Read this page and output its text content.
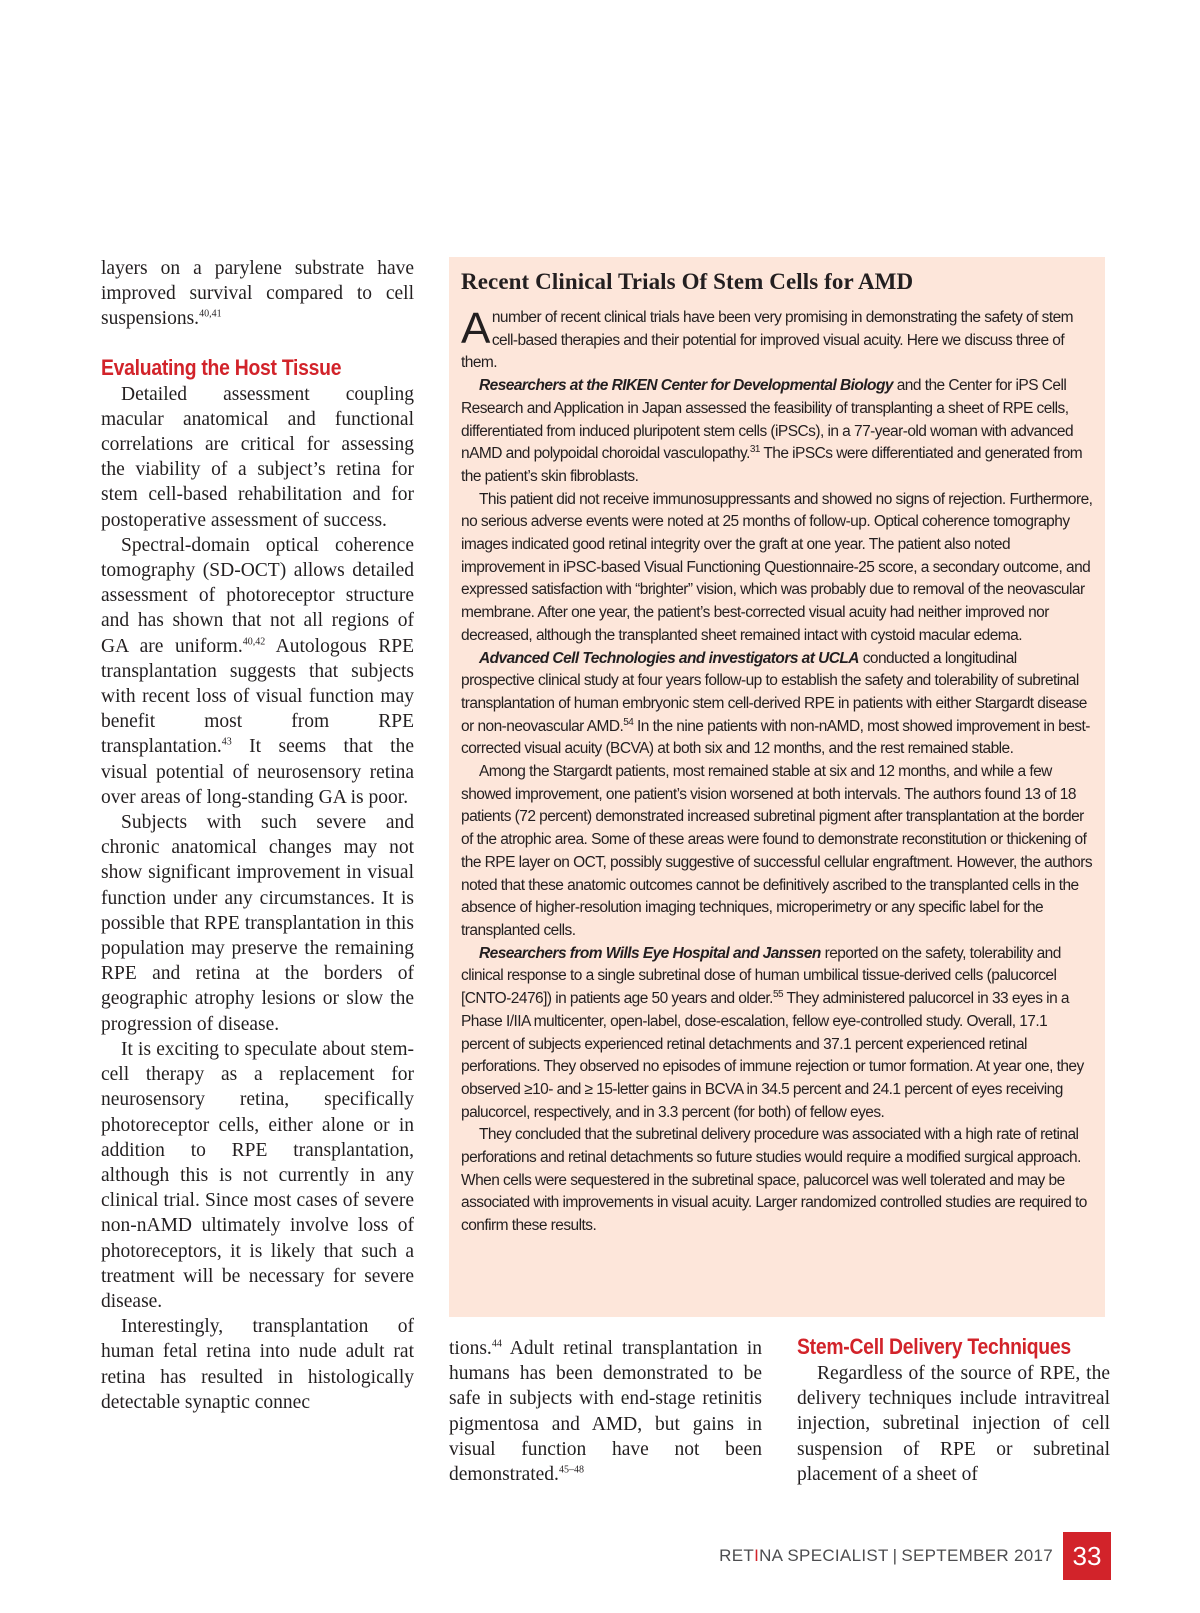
layers on a parylene substrate have improved survival compared to cell suspensions.$^{40,41}$

Evaluating the Host Tissue

Detailed assessment coupling macular anatomical and functional correlations are critical for assessing the viability of a subject’s retina for stem cell-based rehabilitation and for postoperative assessment of success.

Spectral-domain optical coherence tomography (SD-OCT) allows detailed assessment of photoreceptor structure and has shown that not all regions of GA are uniform.$^{40,42}$ Autologous RPE transplantation suggests that subjects with recent loss of visual function may benefit most from RPE transplantation.$^{43}$ It seems that the visual potential of neurosensory retina over areas of long-standing GA is poor.

Subjects with such severe and chronic anatomical changes may not show significant improvement in visual function under any circumstances. It is possible that RPE transplantation in this population may preserve the remaining RPE and retina at the borders of geographic atrophy lesions or slow the progression of disease.

It is exciting to speculate about stem-cell therapy as a replacement for neurosensory retina, specifically photoreceptor cells, either alone or in addition to RPE transplantation, although this is not currently in any clinical trial. Since most cases of severe non-nAMD ultimately involve loss of photoreceptors, it is likely that such a treatment will be necessary for severe disease.

Interestingly, transplantation of human fetal retina into nude adult rat retina has resulted in histologically detectable synaptic connec

Recent Clinical Trials Of Stem Cells for AMD

A number of recent clinical trials have been very promising in demonstrating the safety of stem cell-based therapies and their potential for improved visual acuity. Here we discuss three of them.

Researchers at the RIKEN Center for Developmental Biology and the Center for iPS Cell Research and Application in Japan assessed the feasibility of transplanting a sheet of RPE cells, differentiated from induced pluripotent stem cells (iPSCs), in a 77-year-old woman with advanced nAMD and polypoidal choroidal vasculopathy.$^{31}$ The iPSCs were differentiated and generated from the patient’s skin fibroblasts.

This patient did not receive immunosuppressants and showed no signs of rejection. Furthermore, no serious adverse events were noted at 25 months of follow-up. Optical coherence tomography images indicated good retinal integrity over the graft at one year. The patient also noted improvement in iPSC-based Visual Functioning Questionnaire-25 score, a secondary outcome, and expressed satisfaction with “brighter” vision, which was probably due to removal of the neovascular membrane. After one year, the patient’s best-corrected visual acuity had neither improved nor decreased, although the transplanted sheet remained intact with cystoid macular edema.

Advanced Cell Technologies and investigators at UCLA conducted a longitudinal prospective clinical study at four years follow-up to establish the safety and tolerability of subretinal transplantation of human embryonic stem cell-derived RPE in patients with either Stargardt disease or non-neovascular AMD.$^{54}$ In the nine patients with non-nAMD, most showed improvement in best-corrected visual acuity (BCVA) at both six and 12 months, and the rest remained stable.

Among the Stargardt patients, most remained stable at six and 12 months, and while a few showed improvement, one patient’s vision worsened at both intervals. The authors found 13 of 18 patients (72 percent) demonstrated increased subretinal pigment after transplantation at the border of the atrophic area. Some of these areas were found to demonstrate reconstitution or thickening of the RPE layer on OCT, possibly suggestive of successful cellular engraftment. However, the authors noted that these anatomic outcomes cannot be definitively ascribed to the transplanted cells in the absence of higher-resolution imaging techniques, microperimetry or any specific label for the transplanted cells.

Researchers from Wills Eye Hospital and Janssen reported on the safety, tolerability and clinical response to a single subretinal dose of human umbilical tissue-derived cells (palucorcel [CNTO-2476]) in patients age 50 years and older.$^{55}$ They administered palucorcel in 33 eyes in a Phase I/IIA multicenter, open-label, dose-escalation, fellow eye-controlled study. Overall, 17.1 percent of subjects experienced retinal detachments and 37.1 percent experienced retinal perforations. They observed no episodes of immune rejection or tumor formation. At year one, they observed ≥10- and ≥ 15-letter gains in BCVA in 34.5 percent and 24.1 percent of eyes receiving palucorcel, respectively, and in 3.3 percent (for both) of fellow eyes.

They concluded that the subretinal delivery procedure was associated with a high rate of retinal perforations and retinal detachments so future studies would require a modified surgical approach. When cells were sequestered in the subretinal space, palucorcel was well tolerated and may be associated with improvements in visual acuity. Larger randomized controlled studies are required to confirm these results.

tions.$^{44}$ Adult retinal transplantation in humans has been demonstrated to be safe in subjects with end-stage retinitis pigmentosa and AMD, but gains in visual function have not been demonstrated.$^{45-48}$

Stem-Cell Delivery Techniques

Regardless of the source of RPE, the delivery techniques include intravitreal injection, subretinal injection of cell suspension of RPE or subretinal placement of a sheet of

RETINA SPECIALIST | SEPTEMBER 2017 33
